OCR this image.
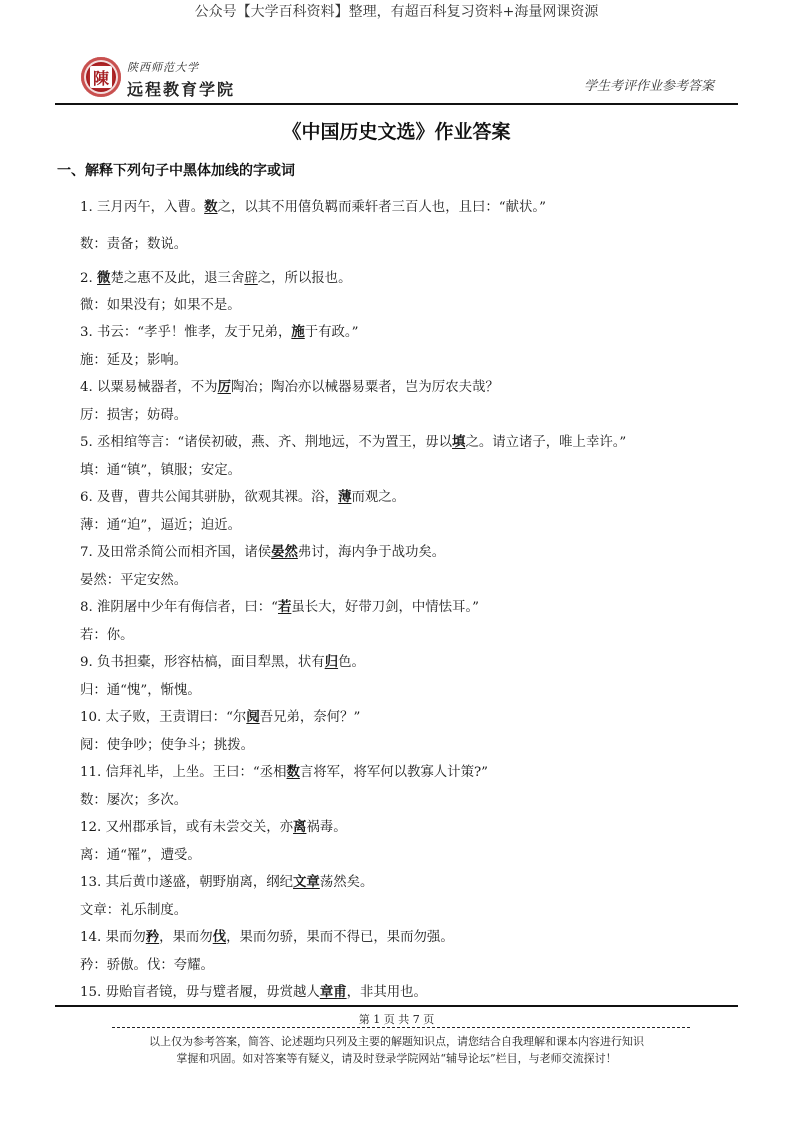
公众号【大学百科资料】整理，有超百科复习资料+海量网课资源
陳
陕西师范大学
远程教育学院	学生考评作业参考答案
《中国历史文选》作业答案
一、解释下列句子中黑体加线的字或词
1. 三月丙午，入曹。数之，以其不用僖负羁而乘轩者三百人也，且曰：“献状。”
数：责备；数说。
2. 微楚之惠不及此，退三舍辟之，所以报也。
微：如果没有；如果不是。
3. 书云：“孝乎！惟孝，友于兄弟，施于有政。”
施：延及；影响。
4. 以粟易械器者，不为厉陶冶；陶冶亦以械器易粟者，岂为厉农夫哉？
厉：损害；妨碍。
5. 丞相绾等言：“诸侯初破，燕、齐、荆地远，不为置王，毋以填之。请立诸子，唯上幸许。”
填：通“镇”，镇服；安定。
6. 及曹，曹共公闻其骈胁，欲观其裸。浴，薄而观之。
薄：通“迫”，逼近；迫近。
7. 及田常杀简公而相齐国，诸侯晏然弗讨，海内争于战功矣。
晏然：平定安然。
8. 淮阴屠中少年有侮信者，曰：“若虽长大，好带刀剑，中情怯耳。”
若：你。
9. 负书担橐，形容枯槁，面目犁黑，状有归色。
归：通“愧”，惭愧。
10. 太子败，王责谓曰：“尔阋吾兄弟，奈何？”
阋：使争吵；使争斗；挑拨。
11. 信拜礼毕，上坐。王曰：“丞相数言将军，将军何以教寡人计策?”
数：屡次；多次。
12. 又州郡承旨，或有未尝交关，亦离祸毒。
离：通“罹”，遭受。
13. 其后黄巾遂盛，朝野崩离，纲纪文章荡然矣。
文章：礼乐制度。
14. 果而勿矜，果而勿伐，果而勿骄，果而不得已，果而勿强。
矜：骄傲。伐：夸耀。
15. 毋贻盲者镜，毋与躄者履，毋赏越人章甫，非其用也。
第 1 页 共 7 页
以上仅为参考答案，简答、论述题均只列及主要的解题知识点，请您结合自我理解和课本内容进行知识
掌握和巩固。如对答案等有疑义，请及时登录学院网站“辅导论坛”栏目，与老师交流探讨！
